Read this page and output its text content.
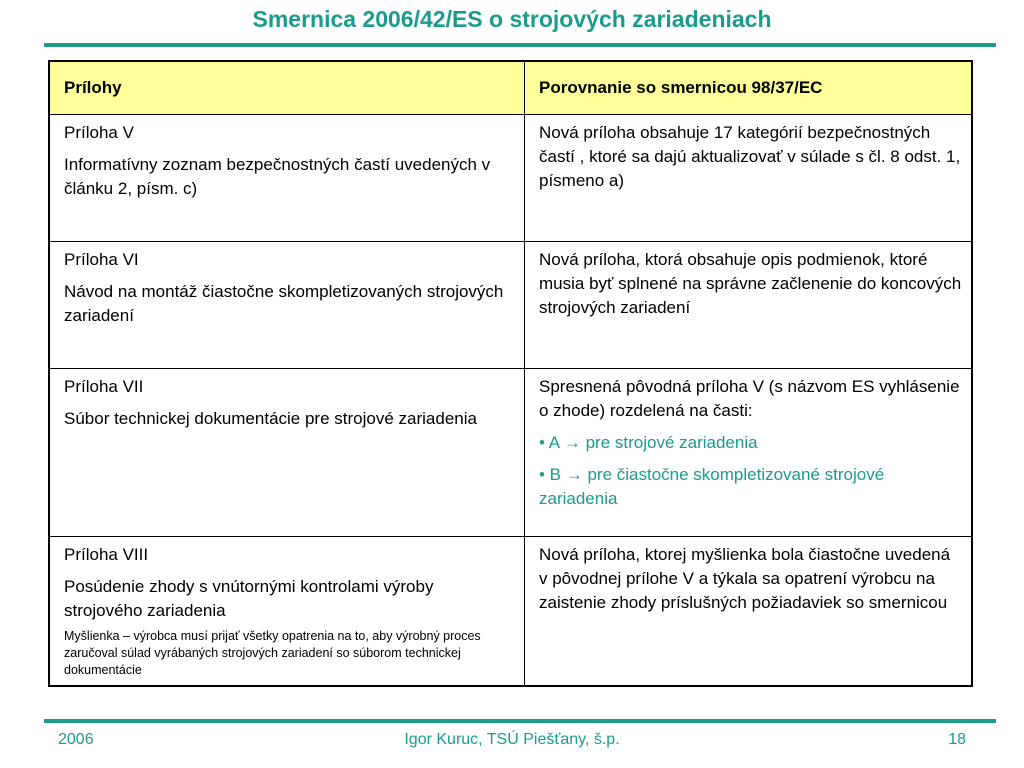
Smernica 2006/42/ES o strojových zariadeniach
Prílohy	Porovnanie so smernicou 98/37/EC

Príloha V
Informatívny zoznam bezpečnostných častí uvedených v článku 2, písm. c)	Nová príloha obsahuje 17 kategórií bezpečnostných častí , ktoré sa dajú aktualizovať v súlade s čl. 8 odst. 1, písmeno a)

Príloha VI
Návod na montáž čiastočne skompletizovaných strojových zariadení	Nová príloha, ktorá obsahuje opis podmienok, ktoré musia byť splnené na správne začlenenie do koncových strojových zariadení

Príloha VII
Súbor technickej dokumentácie pre strojové zariadenia	Spresnená pôvodná príloha V (s názvom ES vyhlásenie o zhode) rozdelená na časti:
• A → pre strojové zariadenia
• B → pre čiastočne skompletizované strojové zariadenia

Príloha VIII
Posúdenie zhody s vnútornými kontrolami výroby strojového zariadenia
Myšlienka – výrobca musí prijať všetky opatrenia na to, aby výrobný proces zaručoval súlad vyrábaných strojových zariadení so súborom technickej dokumentácie	Nová príloha, ktorej myšlienka bola čiastočne uvedená v pôvodnej prílohe V a týkala sa opatrení výrobcu na zaistenie zhody príslušných požiadaviek so smernicou
2006	Igor Kuruc, TSÚ Piešťany, š.p.	18
